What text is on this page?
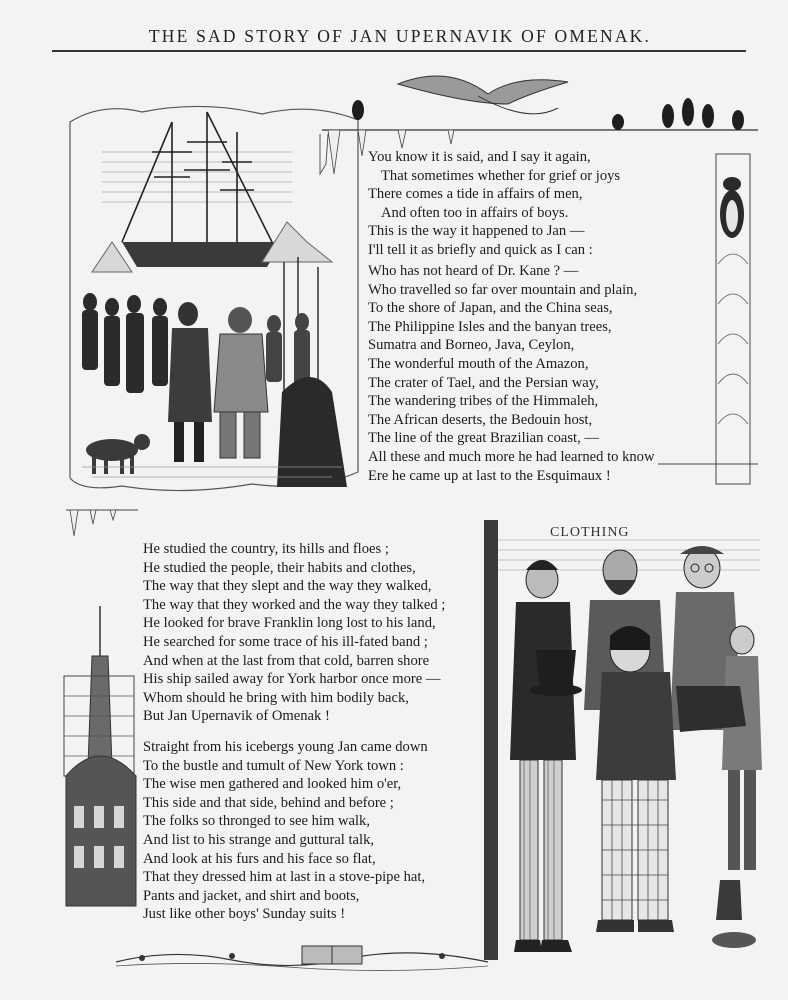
THE SAD STORY OF JAN UPERNAVIK OF OMENAK.
You know it is said, and I say it again,
That sometimes whether for grief or joys
There comes a tide in affairs of men,
And often too in affairs of boys.
This is the way it happened to Jan —
I'll tell it as briefly and quick as I can :
Who has not heard of Dr. Kane ? —
Who travelled so far over mountain and plain,
To the shore of Japan, and the China seas,
The Philippine Isles and the banyan trees,
Sumatra and Borneo, Java, Ceylon,
The wonderful mouth of the Amazon,
The crater of Tael, and the Persian way,
The wandering tribes of the Himmaleh,
The African deserts, the Bedouin host,
The line of the great Brazilian coast, —
All these and much more he had learned to know
Ere he came up at last to the Esquimaux !
He studied the country, its hills and floes ;
He studied the people, their habits and clothes,
The way that they slept and the way they walked,
The way that they worked and the way they talked ;
He looked for brave Franklin long lost to his land,
He searched for some trace of his ill-fated band ;
And when at the last from that cold, barren shore
His ship sailed away for York harbor once more —
Whom should he bring with him bodily back,
But Jan Upernavik of Omenak !
Straight from his icebergs young Jan came down
To the bustle and tumult of New York town :
The wise men gathered and looked him o'er,
This side and that side, behind and before ;
The folks so thronged to see him walk,
And list to his strange and guttural talk,
And look at his furs and his face so flat,
That they dressed him at last in a stove-pipe hat,
Pants and jacket, and shirt and boots,
Just like other boys' Sunday suits !
CLOTHING
